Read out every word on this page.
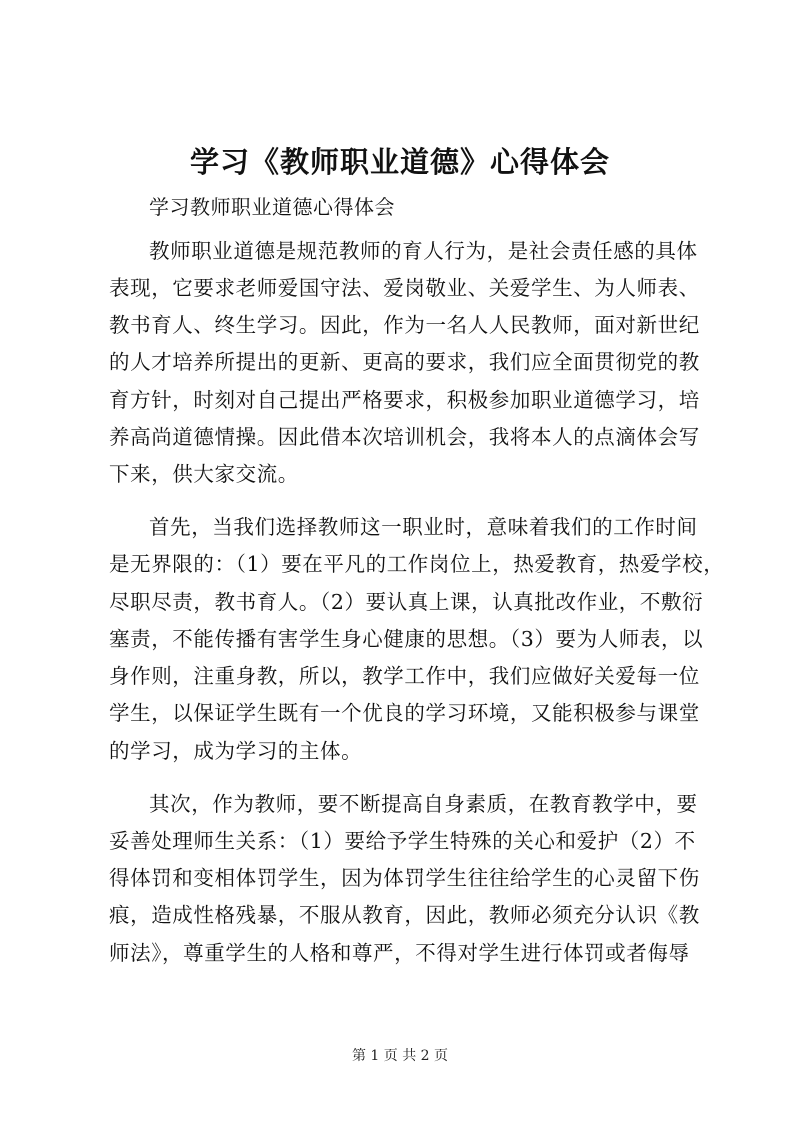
学习《教师职业道德》心得体会
学习教师职业道德心得体会
教师职业道德是规范教师的育人行为，是社会责任感的具体
表现，它要求老师爱国守法、爱岗敬业、关爱学生、为人师表、
教书育人、终生学习。因此，作为一名人人民教师，面对新世纪
的人才培养所提出的更新、更高的要求，我们应全面贯彻党的教
育方针，时刻对自己提出严格要求，积极参加职业道德学习，培
养高尚道德情操。因此借本次培训机会，我将本人的点滴体会写
下来，供大家交流。
首先，当我们选择教师这一职业时，意味着我们的工作时间
是无界限的：（1）要在平凡的工作岗位上，热爱教育，热爱学校，
尽职尽责，教书育人。（2）要认真上课，认真批改作业，不敷衍
塞责，不能传播有害学生身心健康的思想。（3）要为人师表，以
身作则，注重身教，所以，教学工作中，我们应做好关爱每一位
学生，以保证学生既有一个优良的学习环境，又能积极参与课堂
的学习，成为学习的主体。
其次，作为教师，要不断提高自身素质，在教育教学中，要
妥善处理师生关系：（1）要给予学生特殊的关心和爱护（2）不
得体罚和变相体罚学生，因为体罚学生往往给学生的心灵留下伤
痕，造成性格残暴，不服从教育，因此，教师必须充分认识《教
师法》，尊重学生的人格和尊严，不得对学生进行体罚或者侮辱
第 1 页 共 2 页
